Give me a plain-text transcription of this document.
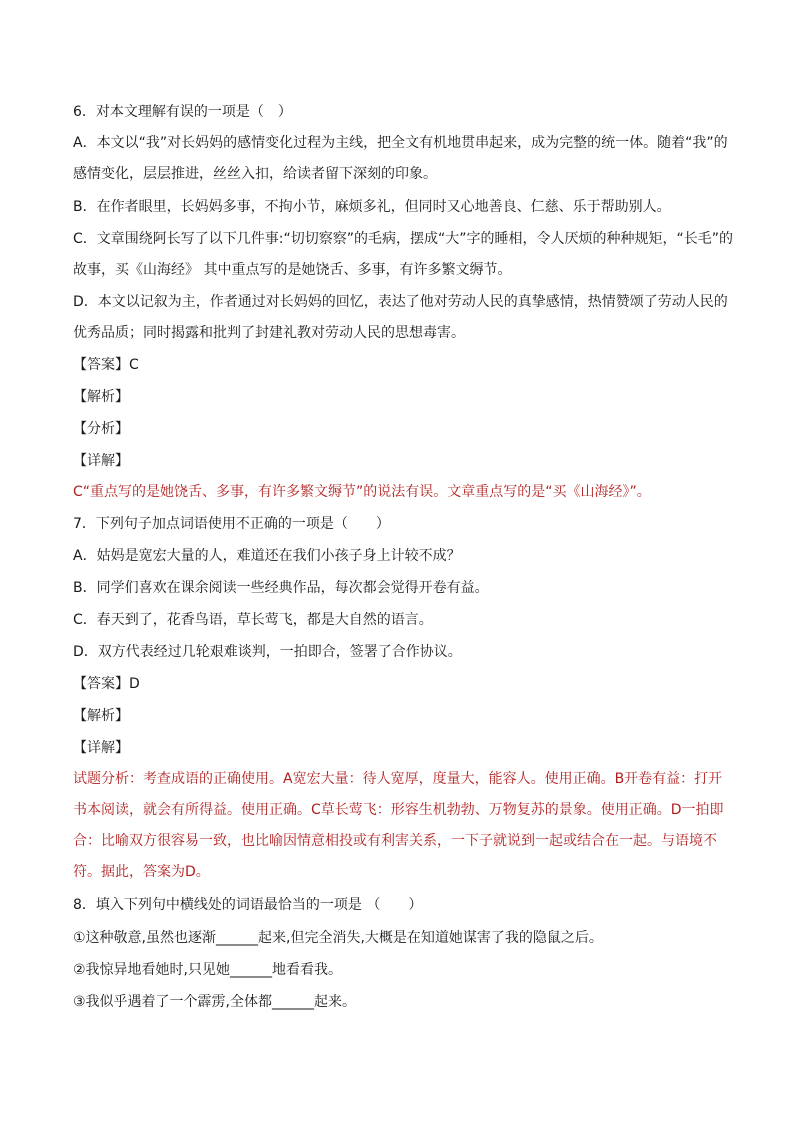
6．对本文理解有误的一项是（　）
A．本文以“我”对长妈妈的感情变化过程为主线，把全文有机地贯串起来，成为完整的统一体。随着“我”的
感情变化，层层推进，丝丝入扣，给读者留下深刻的印象。
B．在作者眼里，长妈妈多事，不拘小节，麻烦多礼，但同时又心地善良、仁慈、乐于帮助别人。
C．文章围绕阿长写了以下几件事:“切切察察”的毛病，摆成“大”字的睡相，令人厌烦的种种规矩，“长毛”的
故事，买《山海经》 其中重点写的是她饶舌、多事，有许多繁文缛节。
D．本文以记叙为主，作者通过对长妈妈的回忆，表达了他对劳动人民的真挚感情，热情赞颂了劳动人民的
优秀品质；同时揭露和批判了封建礼教对劳动人民的思想毒害。
【答案】C
【解析】
【分析】
【详解】
C“重点写的是她饶舌、多事，有许多繁文缛节”的说法有误。文章重点写的是“买《山海经》”。
7．下列句子加点词语使用不正确的一项是（　　）
A．姑妈是宽宏大量的人，难道还在我们小孩子身上计较不成？
B．同学们喜欢在课余阅读一些经典作品，每次都会觉得开卷有益。
C．春天到了，花香鸟语，草长莺飞，都是大自然的语言。
D．双方代表经过几轮艰难谈判，一拍即合，签署了合作协议。
【答案】D
【解析】
【详解】
试题分析：考查成语的正确使用。A宽宏大量：待人宽厚，度量大，能容人。使用正确。B开卷有益：打开
书本阅读，就会有所得益。使用正确。C草长莺飞：形容生机勃勃、万物复苏的景象。使用正确。D一拍即
合：比喻双方很容易一致，也比喻因情意相投或有利害关系，一下子就说到一起或结合在一起。与语境不
符。据此，答案为D。
8．填入下列句中横线处的词语最恰当的一项是 （　　）
①这种敬意,虽然也逐渐______起来,但完全消失,大概是在知道她谋害了我的隐鼠之后。
②我惊异地看她时,只见她______地看看我。
③我似乎遇着了一个霹雳,全体都______起来。
